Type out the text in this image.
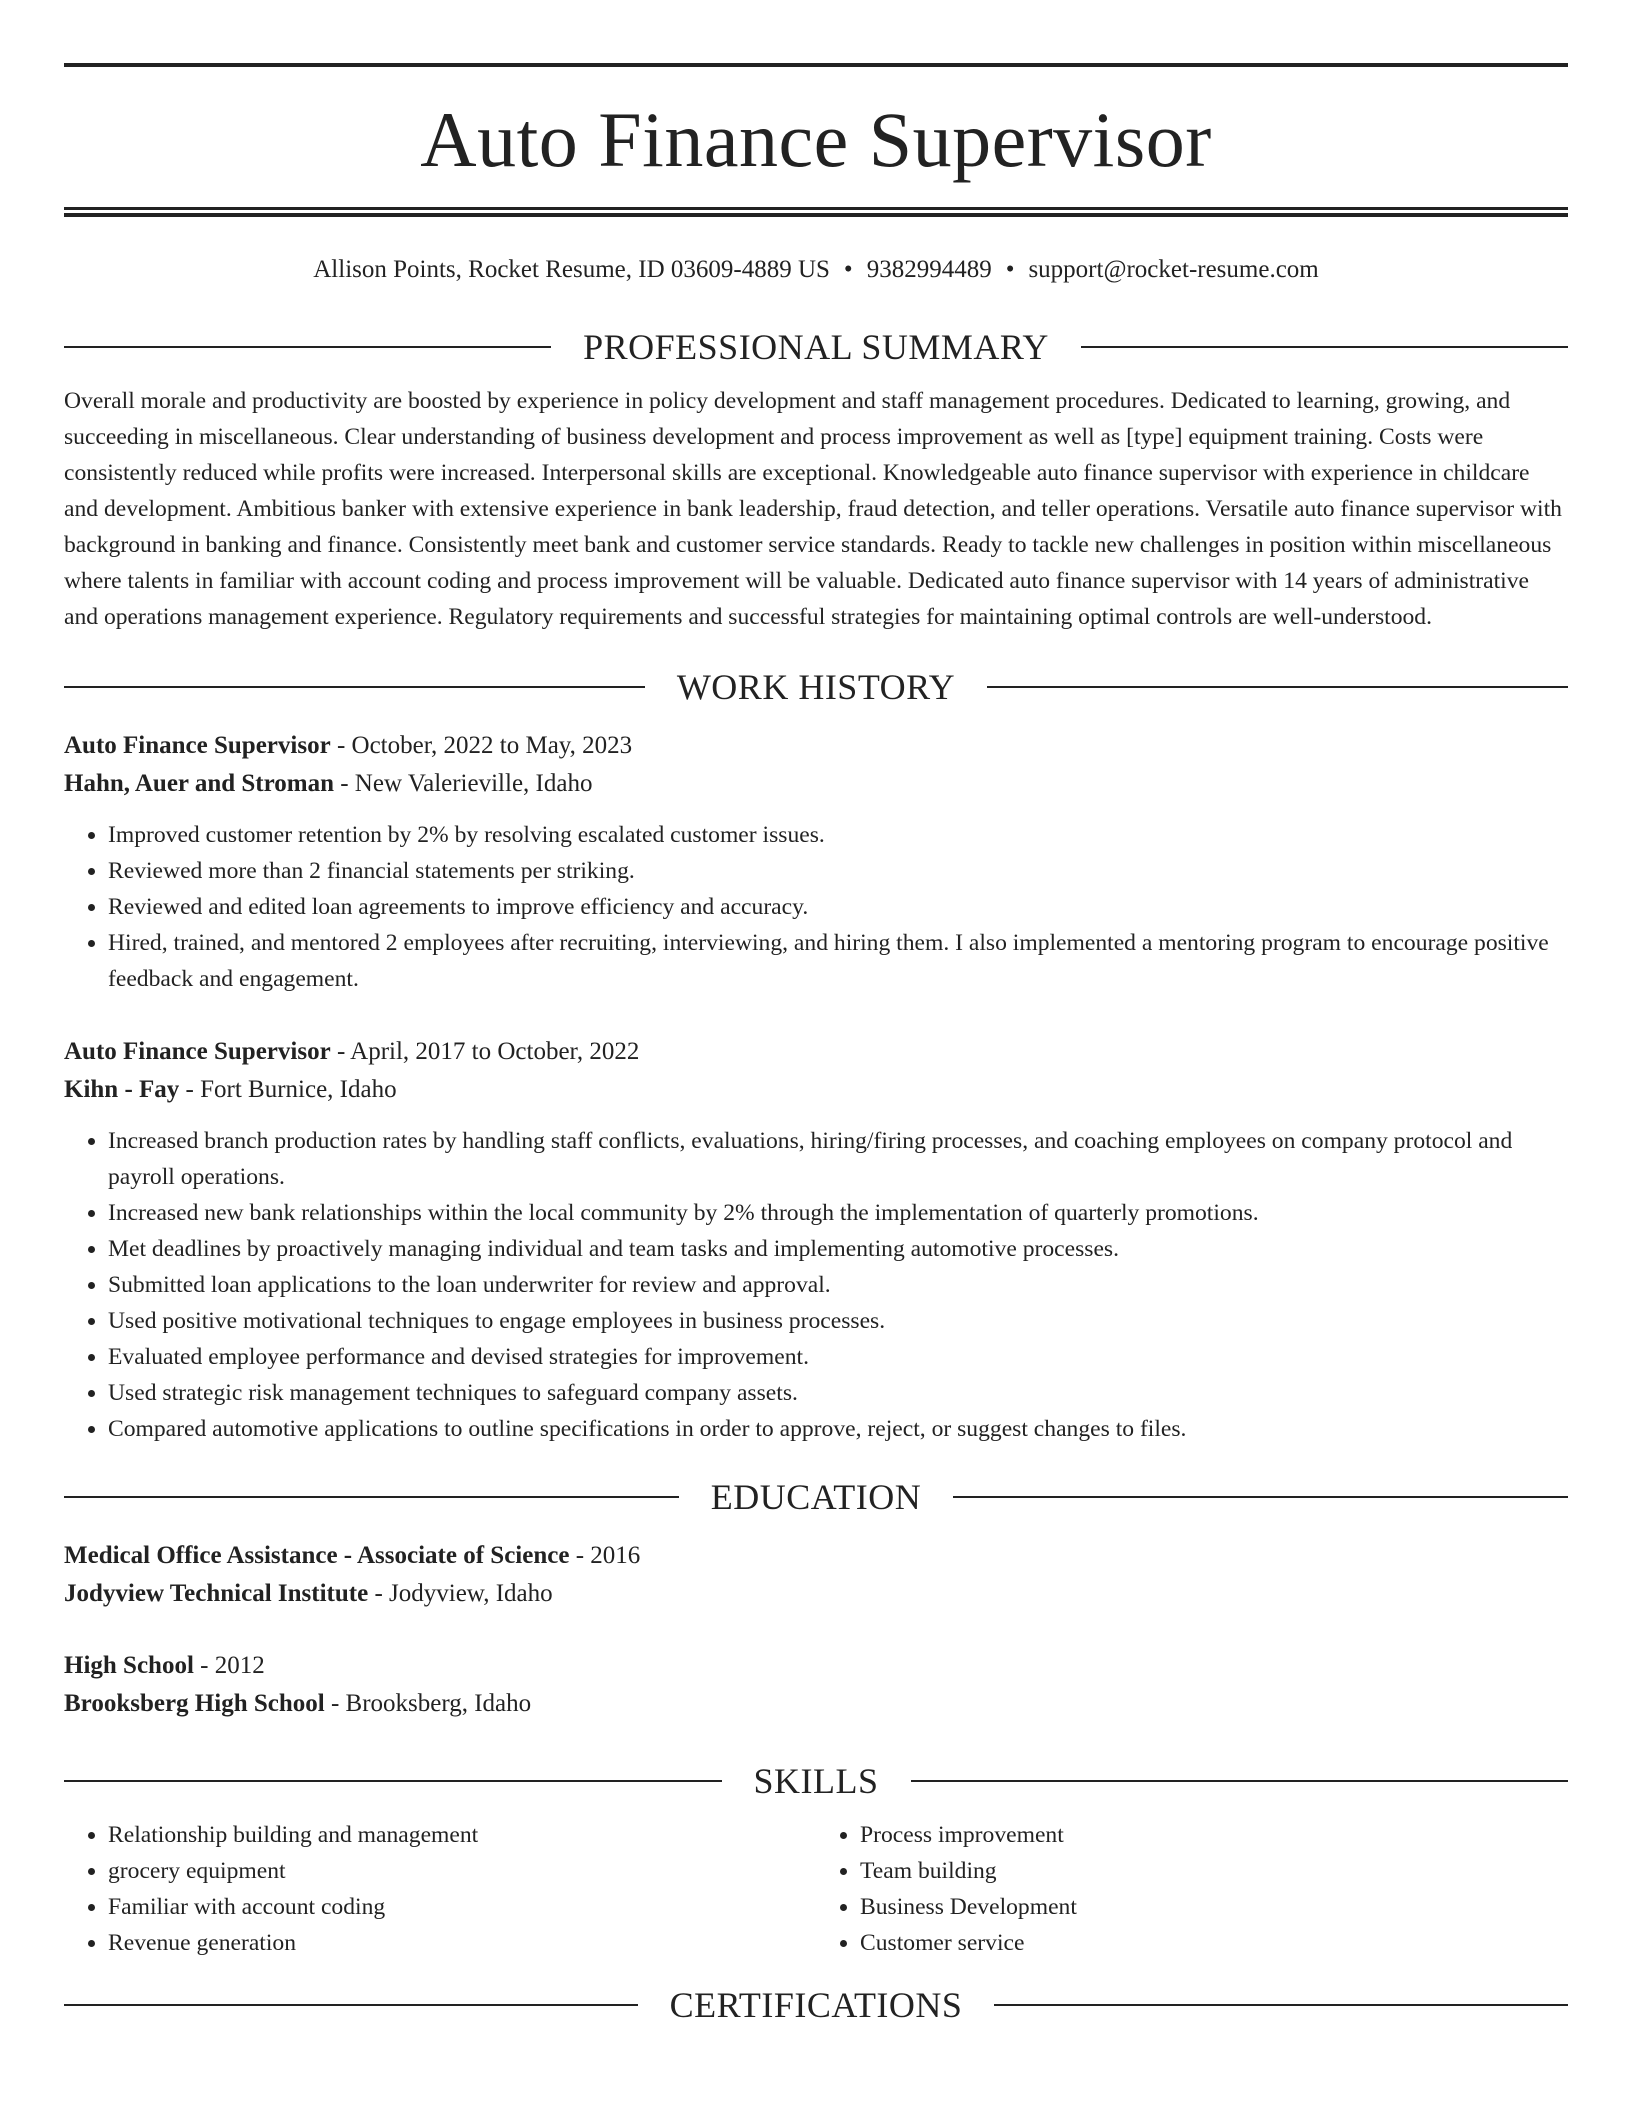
Auto Finance Supervisor
Allison Points, Rocket Resume, ID 03609-4889 US • 9382994489 • support@rocket-resume.com
PROFESSIONAL SUMMARY

Overall morale and productivity are boosted by experience in policy development and staff management procedures. Dedicated to learning, growing, and succeeding in miscellaneous. Clear understanding of business development and process improvement as well as [type] equipment training. Costs were consistently reduced while profits were increased. Interpersonal skills are exceptional. Knowledgeable auto finance supervisor with experience in childcare and development. Ambitious banker with extensive experience in bank leadership, fraud detection, and teller operations. Versatile auto finance supervisor with background in banking and finance. Consistently meet bank and customer service standards. Ready to tackle new challenges in position within miscellaneous where talents in familiar with account coding and process improvement will be valuable. Dedicated auto finance supervisor with 14 years of administrative and operations management experience. Regulatory requirements and successful strategies for maintaining optimal controls are well-understood.

WORK HISTORY
Auto Finance Supervisor - October, 2022 to May, 2023
Hahn, Auer and Stroman - New Valerieville, Idaho
• Improved customer retention by 2% by resolving escalated customer issues.
• Reviewed more than 2 financial statements per striking.
• Reviewed and edited loan agreements to improve efficiency and accuracy.
• Hired, trained, and mentored 2 employees after recruiting, interviewing, and hiring them. I also implemented a mentoring program to encourage positive feedback and engagement.
Auto Finance Supervisor - April, 2017 to October, 2022
Kihn - Fay - Fort Burnice, Idaho
• Increased branch production rates by handling staff conflicts, evaluations, hiring/firing processes, and coaching employees on company protocol and payroll operations.
• Increased new bank relationships within the local community by 2% through the implementation of quarterly promotions.
• Met deadlines by proactively managing individual and team tasks and implementing automotive processes.
• Submitted loan applications to the loan underwriter for review and approval.
• Used positive motivational techniques to engage employees in business processes.
• Evaluated employee performance and devised strategies for improvement.
• Used strategic risk management techniques to safeguard company assets.
• Compared automotive applications to outline specifications in order to approve, reject, or suggest changes to files.
EDUCATION
Medical Office Assistance - Associate of Science - 2016
Jodyview Technical Institute - Jodyview, Idaho
High School - 2012
Brooksberg High School - Brooksberg, Idaho
SKILLS
• Relationship building and management
• grocery equipment
• Familiar with account coding
• Revenue generation
• Process improvement
• Team building
• Business Development
• Customer service
CERTIFICATIONS
